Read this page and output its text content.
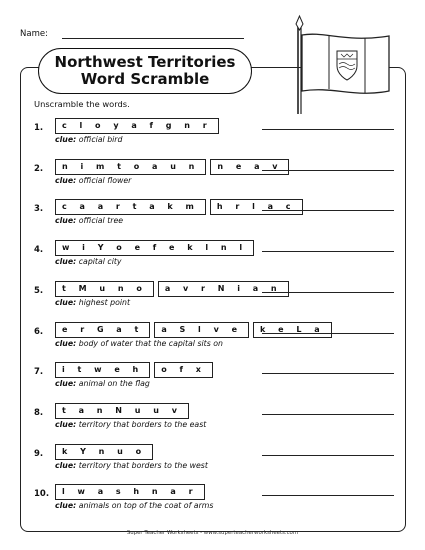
Name:
Northwest Territories
Word Scramble
Unscramble the words.
1.	c l o y a f g n r
clue: official bird
2.	n i m t o a u n	n e a v
clue: official flower
3.	c a a r t a k m	h r l a c
clue: official tree
4.	w i Y o e f e k l n l
clue: capital city
5.	t M u n o	a v r N i a n
clue: highest point
6.	e r G a t	a S l v e	k e L a
clue: body of water that the capital sits on
7.	i t w e h	o f x
clue: animal on the flag
8.	t a n N u u v
clue: territory that borders to the east
9.	k Y n u o
clue: territory that borders to the west
10.	l w a s h n a r
clue: animals on top of the coat of arms
Super Teacher Worksheets - www.superteacherworksheets.com
